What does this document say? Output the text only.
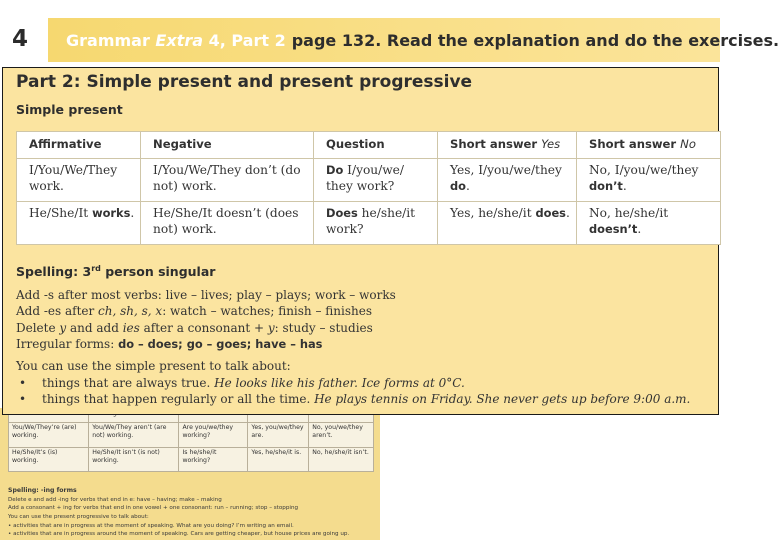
4 Grammar Extra 4, Part 2 page 132. Read the explanation and do the exercises.

You/We/They’re (are) working.	You/We/They aren’t (are not) working.	Are you/we/they working?	Yes, you/we/they are.	No, you/we/they aren’t.
He/She/It’s (is) working.	He/She/It isn’t (is not) working.	Is he/she/it working?	Yes, he/she/it is.	No, he/she/it isn’t.
Spelling: -ing forms
Delete e and add -ing for verbs that end in e: have – having; make – making
Add a consonant + ing for verbs that end in one vowel + one consonant: run – running; stop – stopping
You can use the present progressive to talk about:
• activities that are in progress at the moment of speaking. What are you doing? I’m writing an email.
• activities that are in progress around the moment of speaking. Cars are getting cheaper, but house prices are going up.
Part 2: Simple present and present progressive
Simple present
Affirmative	Negative	Question	Short answer Yes	Short answer No
I/You/We/They work.	I/You/We/They don’t (do not) work.	Do I/you/we/ they work?	Yes, I/you/we/they do.	No, I/you/we/they don’t.
He/She/It works.	He/She/It doesn’t (does not) work.	Does he/she/it work?	Yes, he/she/it does.	No, he/she/it doesn’t.
Spelling: 3rd person singular
Add -s after most verbs: live – lives; play – plays; work – works
Add -es after ch, sh, s, x: watch – watches; finish – finishes
Delete y and add ies after a consonant + y: study – studies
Irregular forms: do – does; go – goes; have – has
You can use the simple present to talk about:
• things that are always true. He looks like his father. Ice forms at 0°C.
• things that happen regularly or all the time. He plays tennis on Friday. She never gets up before 9:00 a.m.
